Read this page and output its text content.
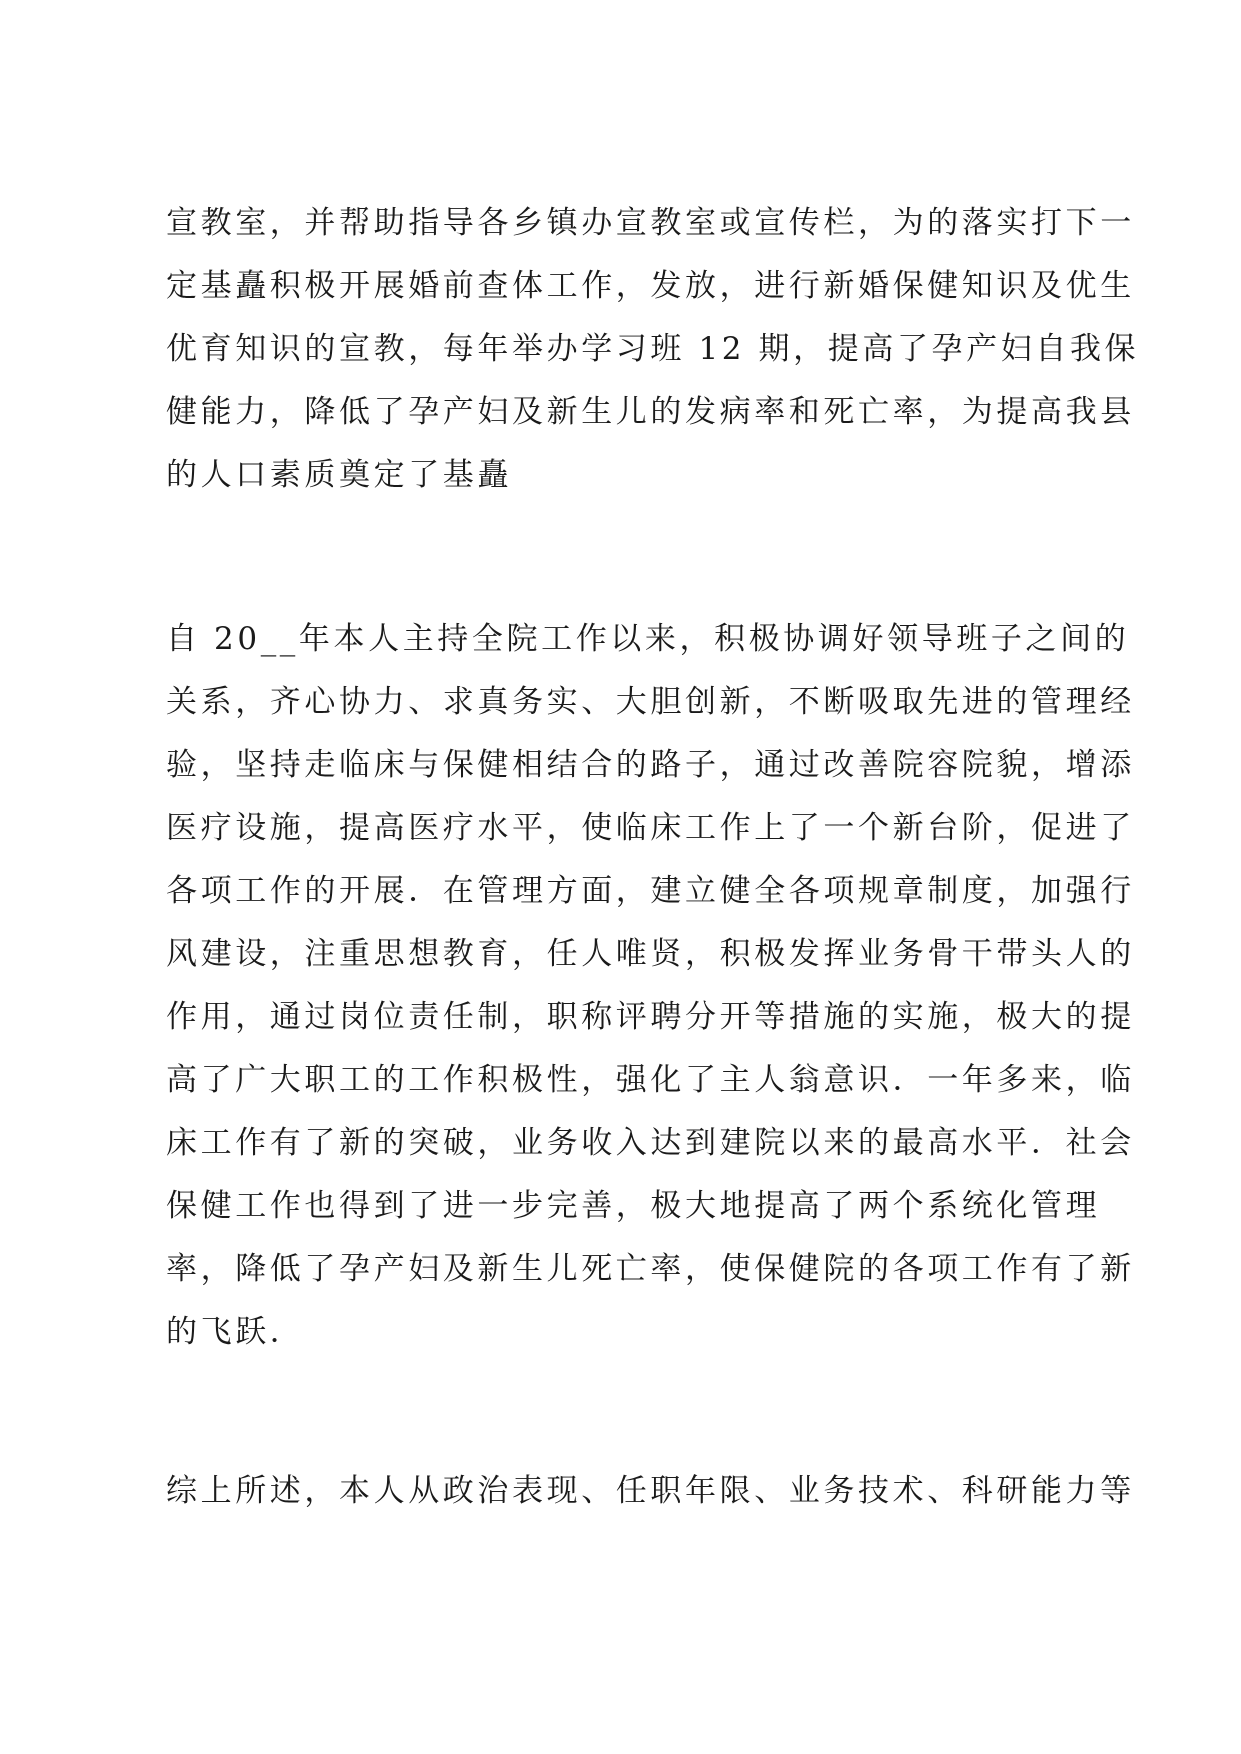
宣教室，并帮助指导各乡镇办宣教室或宣传栏，为的落实打下一
定基矗积极开展婚前查体工作，发放，进行新婚保健知识及优生
优育知识的宣教，每年举办学习班 12 期，提高了孕产妇自我保
健能力，降低了孕产妇及新生儿的发病率和死亡率，为提高我县
的人口素质奠定了基矗
自 20__年本人主持全院工作以来，积极协调好领导班子之间的
关系，齐心协力、求真务实、大胆创新，不断吸取先进的管理经
验，坚持走临床与保健相结合的路子，通过改善院容院貌，增添
医疗设施，提高医疗水平，使临床工作上了一个新台阶，促进了
各项工作的开展．在管理方面，建立健全各项规章制度，加强行
风建设，注重思想教育，任人唯贤，积极发挥业务骨干带头人的
作用，通过岗位责任制，职称评聘分开等措施的实施，极大的提
高了广大职工的工作积极性，强化了主人翁意识．一年多来，临
床工作有了新的突破，业务收入达到建院以来的最高水平．社会
保健工作也得到了进一步完善，极大地提高了两个系统化管理
率，降低了孕产妇及新生儿死亡率，使保健院的各项工作有了新
的飞跃．
综上所述，本人从政治表现、任职年限、业务技术、科研能力等
